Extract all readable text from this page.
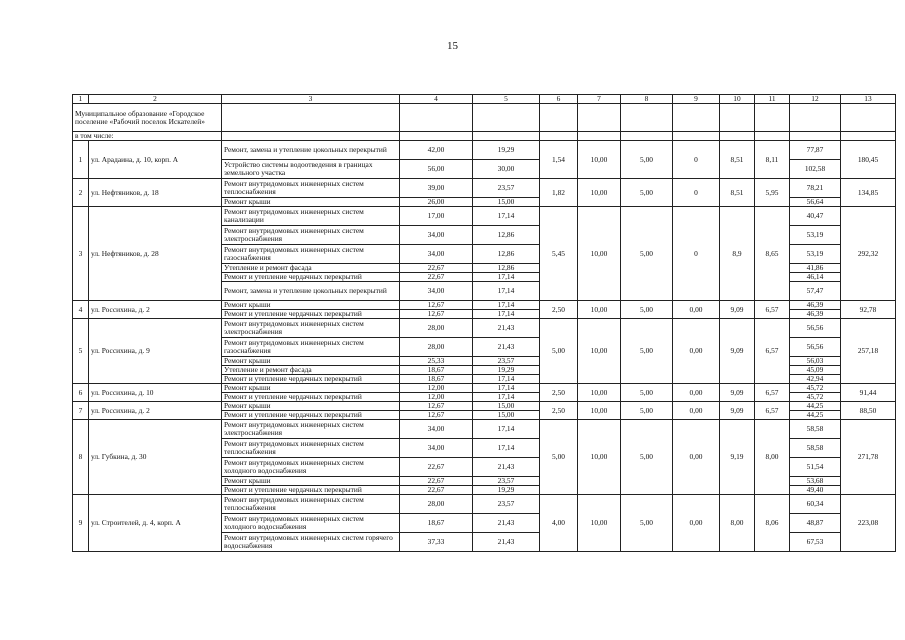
15
1	2	3	4	5	6	7	8	9	10	11	12	13
Муниципальное образование «Городское поселение «Рабочий поселок Искателей»												
в том числе:												
1	ул. Арадаина, д. 10, корп. А	Ремонт, замена и утепление цокольных перекрытий	42,00	19,29	1,54	10,00	5,00	0	8,51	8,11	77,87	180,45
		Устройство системы водоотведения в границах земельного участка	56,00	30,00							102,58	
2	ул. Нефтяников, д. 18	Ремонт внутридомовых инженерных систем теплоснабжения	39,00	23,57	1,82	10,00	5,00	0	8,51	5,95	78,21	134,85
		Ремонт крыши	26,00	15,00							56,64	
3	ул. Нефтяников, д. 28	Ремонт внутридомовых инженерных систем канализации	17,00	17,14	5,45	10,00	5,00	0	8,9	8,65	40,47	292,32
		Ремонт внутридомовых инженерных систем электроснабжения	34,00	12,86							53,19	
		Ремонт внутридомовых инженерных систем газоснабжения	34,00	12,86							53,19	
		Утепление и ремонт фасада	22,67	12,86							41,86	
		Ремонт и утепление чердачных перекрытий	22,67	17,14							46,14	
		Ремонт, замена и утепление цокольных перекрытий	34,00	17,14							57,47	
4	ул. Россихина, д. 2	Ремонт крыши	12,67	17,14	2,50	10,00	5,00	0,00	9,09	6,57	46,39	92,78
		Ремонт и утепление чердачных перекрытий	12,67	17,14							46,39	
5	ул. Россихина, д. 9	Ремонт внутридомовых инженерных систем электроснабжения	28,00	21,43	5,00	10,00	5,00	0,00	9,09	6,57	56,56	257,18
		Ремонт внутридомовых инженерных систем газоснабжения	28,00	21,43							56,56	
		Ремонт крыши	25,33	23,57							56,03	
		Утепление и ремонт фасада	18,67	19,29							45,09	
		Ремонт и утепление чердачных перекрытий	18,67	17,14							42,94	
6	ул. Россихина, д. 10	Ремонт крыши	12,00	17,14	2,50	10,00	5,00	0,00	9,09	6,57	45,72	91,44
		Ремонт и утепление чердачных перекрытий	12,00	17,14							45,72	
7	ул. Россихина, д. 2	Ремонт крыши	12,67	15,00	2,50	10,00	5,00	0,00	9,09	6,57	44,25	88,50
		Ремонт и утепление чердачных перекрытий	12,67	15,00							44,25	
8	ул. Губкина, д. 30	Ремонт внутридомовых инженерных систем электроснабжения	34,00	17,14	5,00	10,00	5,00	0,00	9,19	8,00	58,58	271,78
		Ремонт внутридомовых инженерных систем теплоснабжения	34,00	17,14							58,58	
		Ремонт внутридомовых инженерных систем холодного водоснабжения	22,67	21,43							51,54	
		Ремонт крыши	22,67	23,57							53,68	
		Ремонт и утепление чердачных перекрытий	22,67	19,29							49,40	
9	ул. Строителей, д. 4, корп. А	Ремонт внутридомовых инженерных систем теплоснабжения	28,00	23,57	4,00	10,00	5,00	0,00	8,00	8,06	60,34	223,08
		Ремонт внутридомовых инженерных систем холодного водоснабжения	18,67	21,43							48,87	
		Ремонт внутридомовых инженерных систем горячего водоснабжения	37,33	21,43							67,53	
